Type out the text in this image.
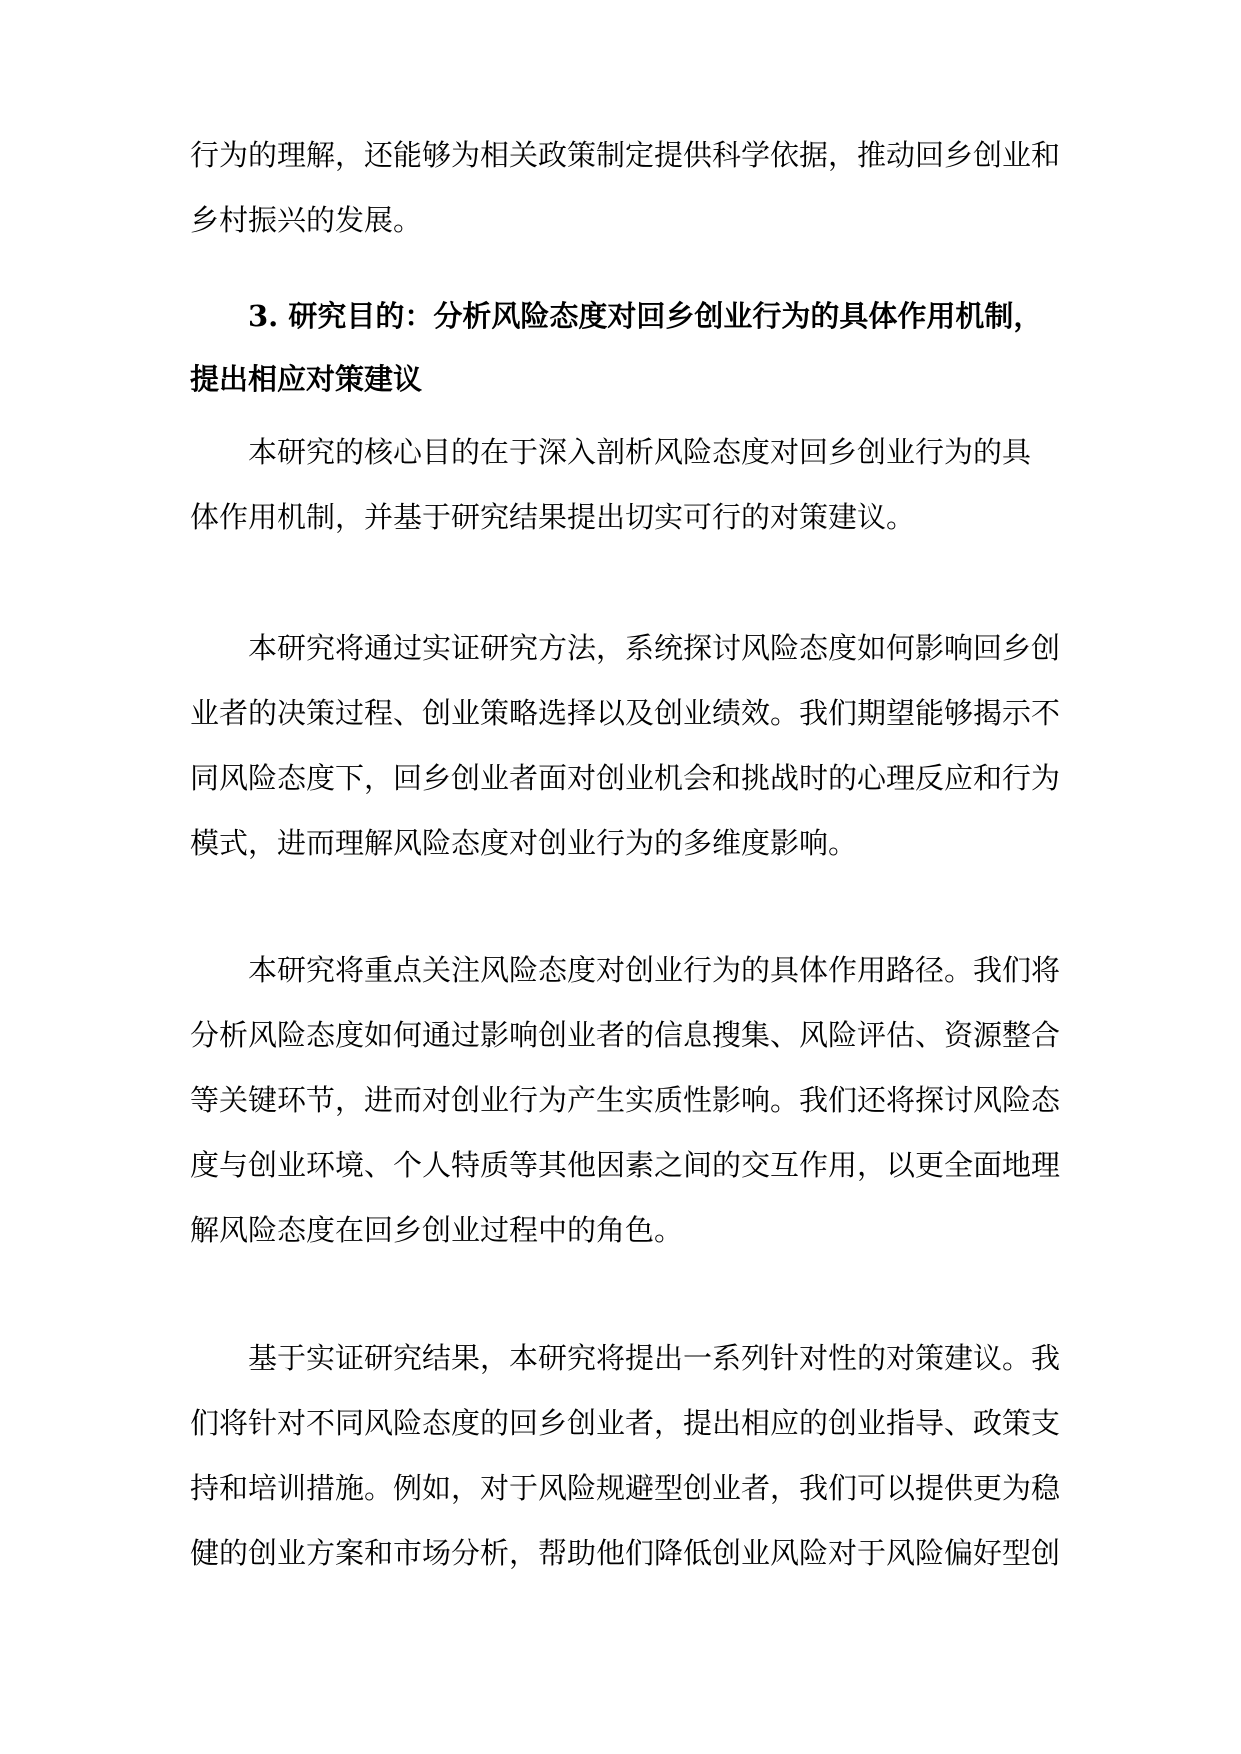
行为的理解，还能够为相关政策制定提供科学依据，推动回乡创业和
乡村振兴的发展。
3. 研究目的：分析风险态度对回乡创业行为的具体作用机制，
提出相应对策建议
本研究的核心目的在于深入剖析风险态度对回乡创业行为的具
体作用机制，并基于研究结果提出切实可行的对策建议。
本研究将通过实证研究方法，系统探讨风险态度如何影响回乡创
业者的决策过程、创业策略选择以及创业绩效。我们期望能够揭示不
同风险态度下，回乡创业者面对创业机会和挑战时的心理反应和行为
模式，进而理解风险态度对创业行为的多维度影响。
本研究将重点关注风险态度对创业行为的具体作用路径。我们将
分析风险态度如何通过影响创业者的信息搜集、风险评估、资源整合
等关键环节，进而对创业行为产生实质性影响。我们还将探讨风险态
度与创业环境、个人特质等其他因素之间的交互作用，以更全面地理
解风险态度在回乡创业过程中的角色。
基于实证研究结果，本研究将提出一系列针对性的对策建议。我
们将针对不同风险态度的回乡创业者，提出相应的创业指导、政策支
持和培训措施。例如，对于风险规避型创业者，我们可以提供更为稳
健的创业方案和市场分析，帮助他们降低创业风险对于风险偏好型创
